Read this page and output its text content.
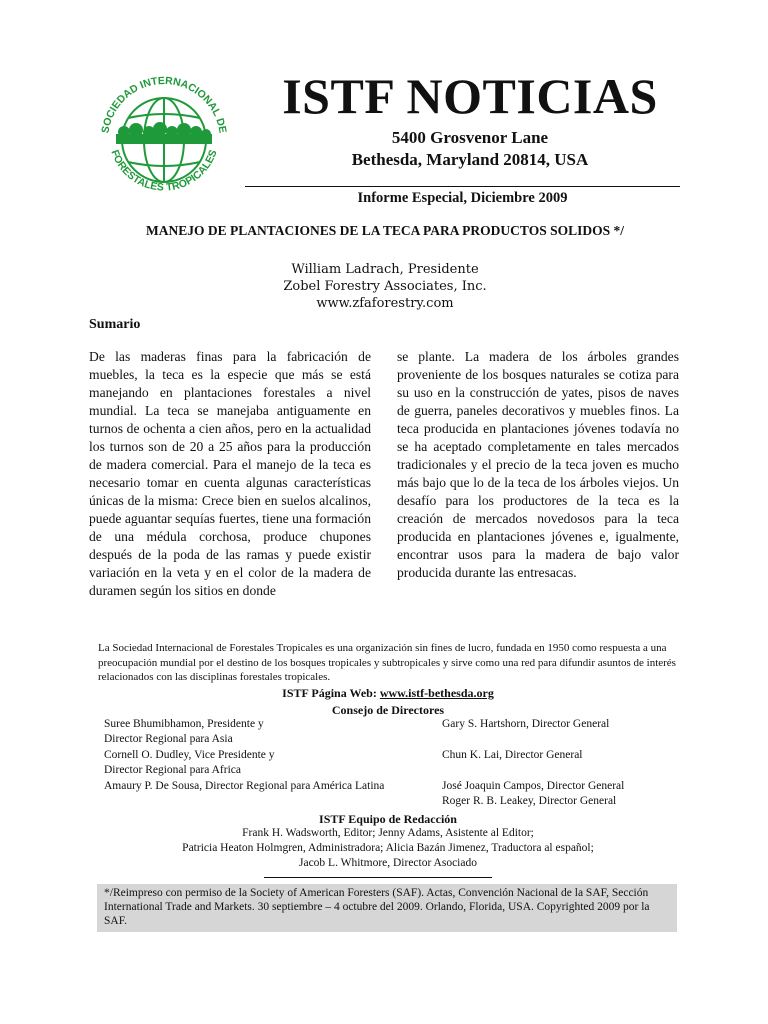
SOCIEDAD INTERNACIONAL DE
FORESTALES TROPICALES
ISTF NOTICIAS
5400 Grosvenor Lane
Bethesda, Maryland 20814, USA
Informe Especial, Diciembre 2009
MANEJO DE PLANTACIONES DE LA TECA PARA PRODUCTOS SOLIDOS */
William Ladrach, Presidente
Zobel Forestry Associates, Inc.
www.zfaforestry.com
Sumario
De las maderas finas para la fabricación de muebles, la teca es la especie que más se está manejando en plantaciones forestales a nivel mundial. La teca se manejaba antiguamente en turnos de ochenta a cien años, pero en la actualidad los turnos son de 20 a 25 años para la producción de madera comercial. Para el manejo de la teca es necesario tomar en cuenta algunas características únicas de la misma: Crece bien en suelos alcalinos, puede aguantar sequías fuertes, tiene una formación de una médula corchosa, produce chupones después de la poda de las ramas y puede existir variación en la veta y en el color de la madera de duramen según los sitios en donde
se plante. La madera de los árboles grandes proveniente de los bosques naturales se cotiza para su uso en la construcción de yates, pisos de naves de guerra, paneles decorativos y muebles finos. La teca producida en plantaciones jóvenes todavía no se ha aceptado completamente en tales mercados tradicionales y el precio de la teca joven es mucho más bajo que lo de la teca de los árboles viejos. Un desafío para los productores de la teca es la creación de mercados novedosos para la teca producida en plantaciones jóvenes e, igualmente, encontrar usos para la madera de bajo valor producida durante las entresacas.
La Sociedad Internacional de Forestales Tropicales es una organización sin fines de lucro, fundada en 1950 como respuesta a una preocupación mundial por el destino de los bosques tropicales y subtropicales y sirve como una red para difundir asuntos de interés relacionados con las disciplinas forestales tropicales.
ISTF Página Web: www.istf-bethesda.org
Consejo de Directores
Suree Bhumibhamon, Presidente y
Director Regional para Asia
Cornell O. Dudley, Vice Presidente y
Director Regional para Africa
Amaury P. De Sousa, Director Regional para América Latina
Gary S. Hartshorn, Director General
Chun K. Lai, Director General
José Joaquin Campos, Director General
Roger R. B. Leakey, Director General
ISTF Equipo de Redacción
Frank H. Wadsworth, Editor; Jenny Adams, Asistente al Editor;
Patricia Heaton Holmgren, Administradora; Alicia Bazán Jimenez, Traductora al español;
Jacob L. Whitmore, Director Asociado
*/Reimpreso con permiso de la Society of American Foresters (SAF). Actas, Convención Nacional de la SAF, Sección International Trade and Markets. 30 septiembre – 4 octubre del 2009. Orlando, Florida, USA. Copyrighted 2009 por la SAF.
